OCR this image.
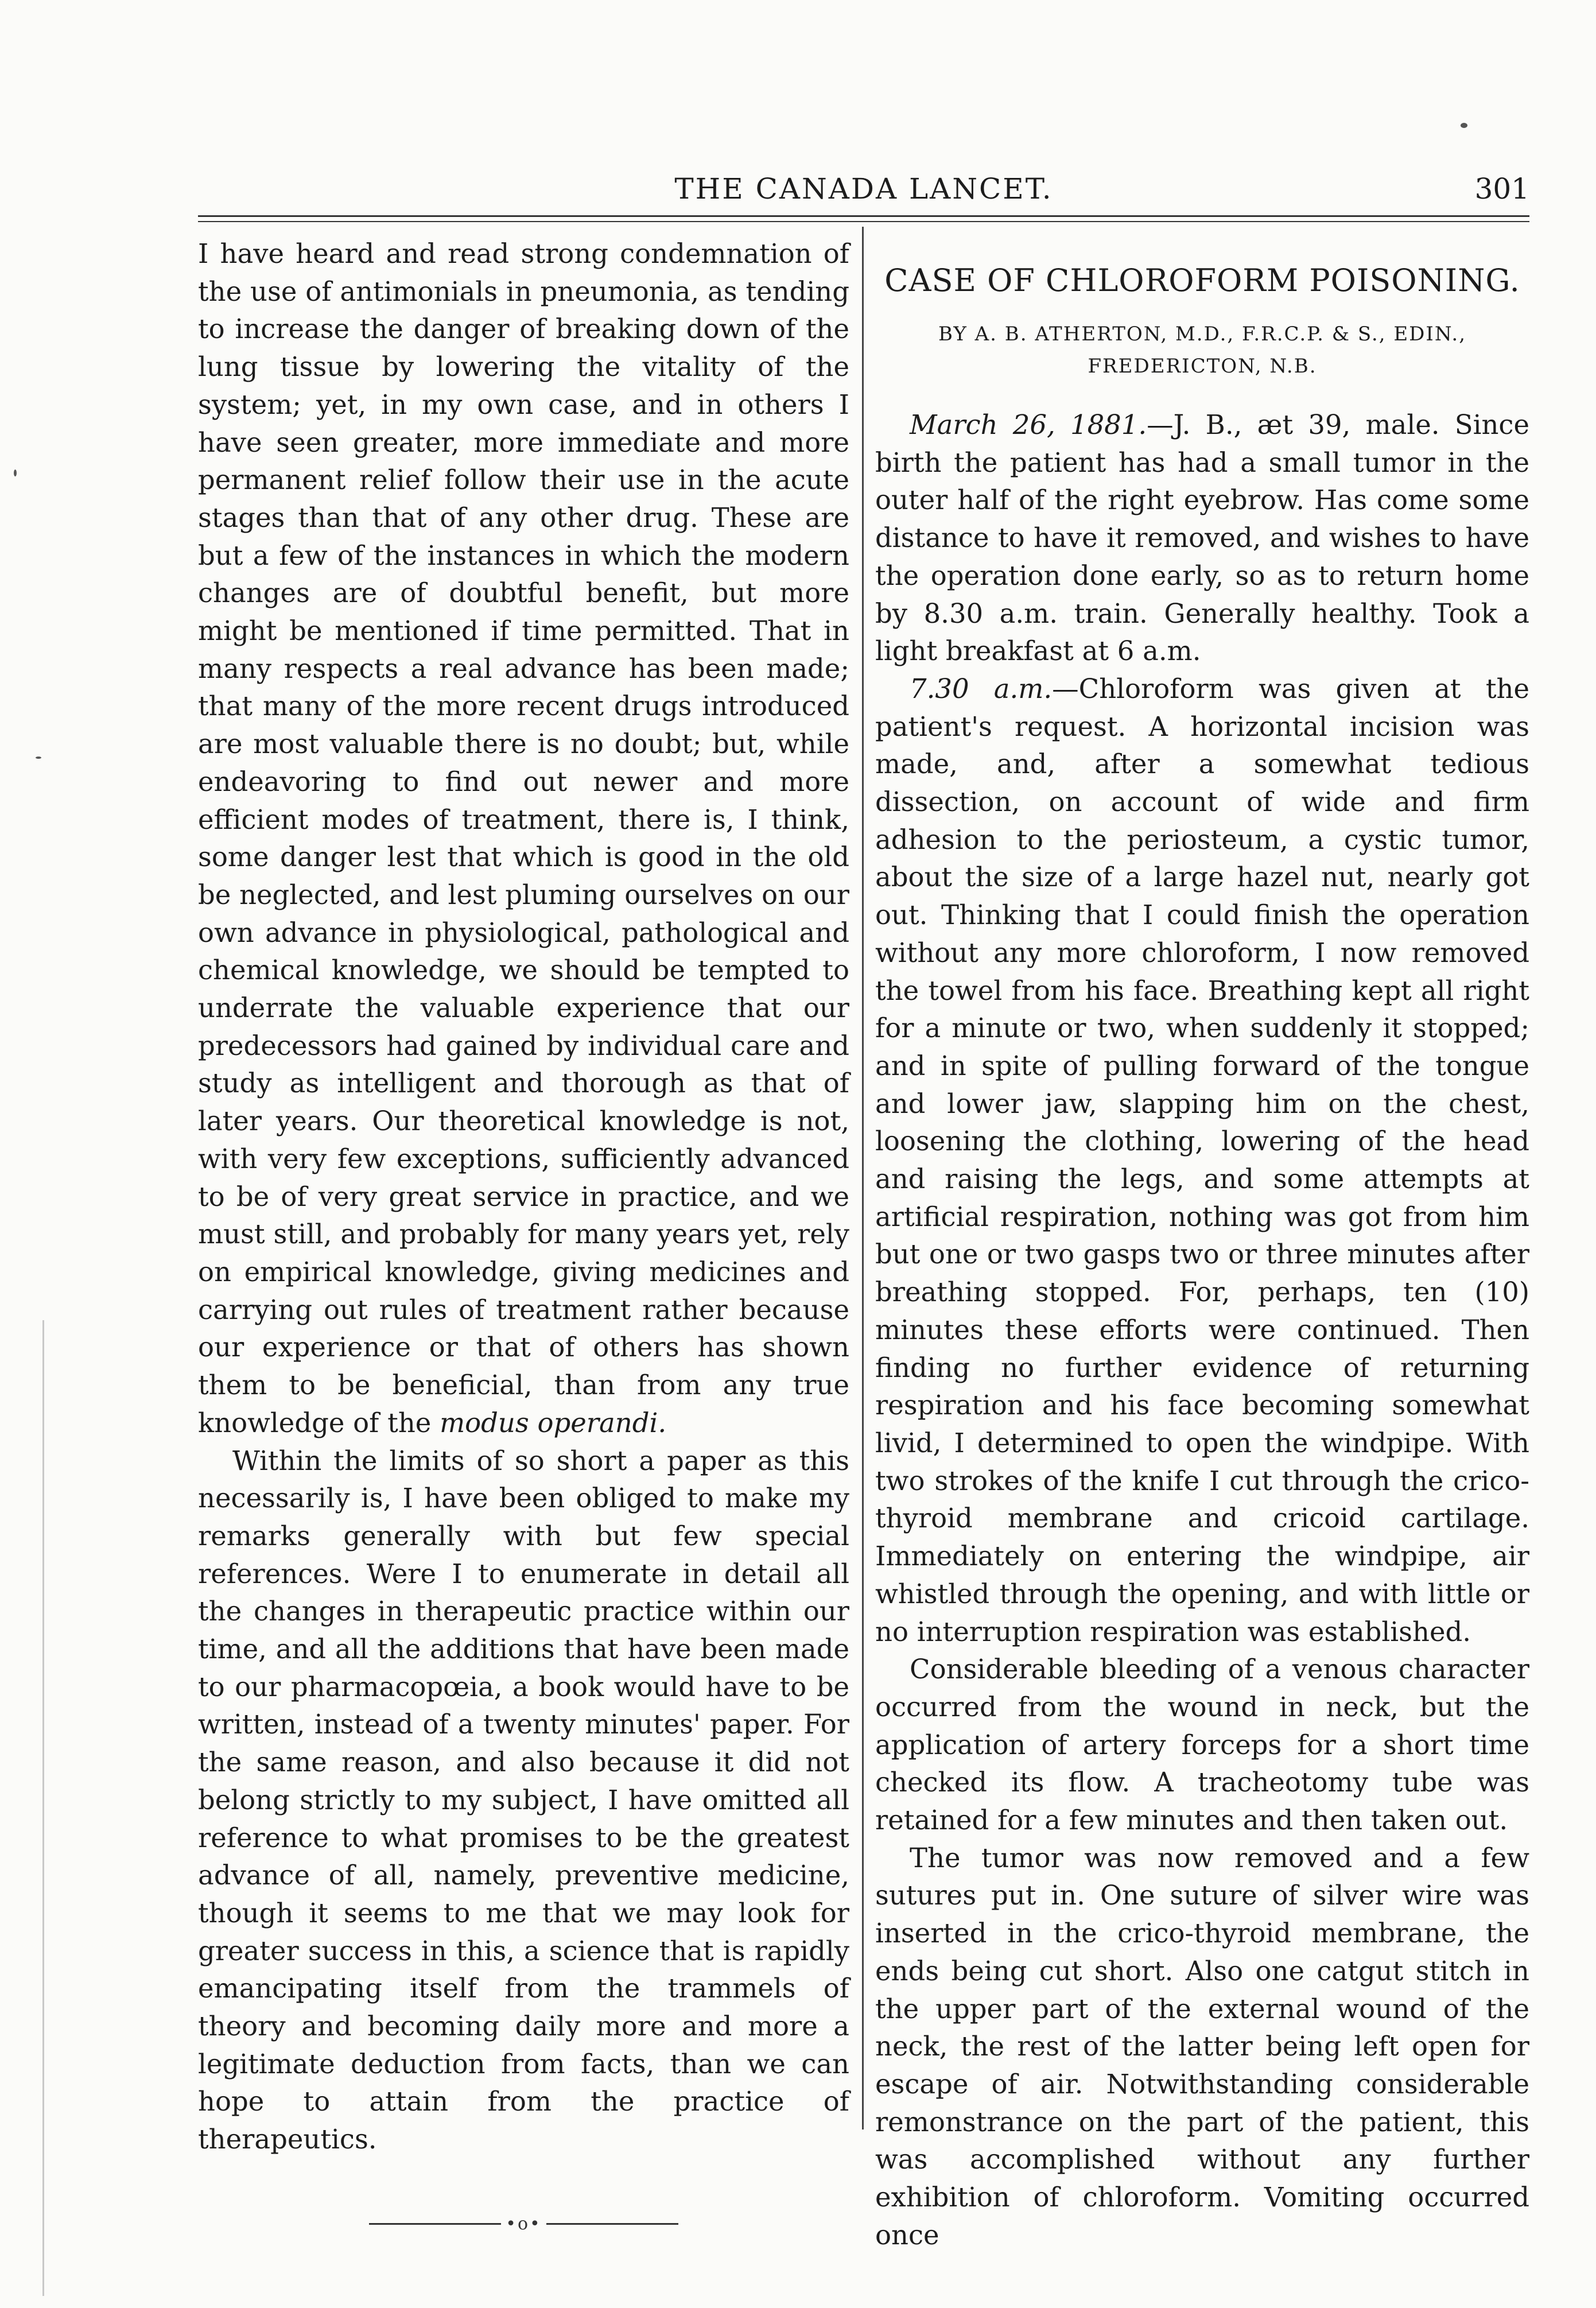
THE CANADA LANCET.	301

I have heard and read strong condemnation of the use of antimonials in pneumonia, as tending to increase the danger of breaking down of the lung tissue by lowering the vitality of the system; yet, in my own case, and in others I have seen greater, more immediate and more permanent relief follow their use in the acute stages than that of any other drug. These are but a few of the instances in which the modern changes are of doubtful benefit, but more might be mentioned if time permitted. That in many respects a real advance has been made; that many of the more recent drugs introduced are most valuable there is no doubt; but, while endeavoring to find out newer and more efficient modes of treatment, there is, I think, some danger lest that which is good in the old be neglected, and lest pluming ourselves on our own advance in physiological, pathological and chemical knowledge, we should be tempted to underrate the valuable experience that our predecessors had gained by individual care and study as intelligent and thorough as that of later years. Our theoretical knowledge is not, with very few exceptions, sufficiently advanced to be of very great service in practice, and we must still, and probably for many years yet, rely on empirical knowledge, giving medicines and carrying out rules of treatment rather because our experience or that of others has shown them to be beneficial, than from any true knowledge of the modus operandi.

Within the limits of so short a paper as this necessarily is, I have been obliged to make my remarks generally with but few special references. Were I to enumerate in detail all the changes in therapeutic practice within our time, and all the additions that have been made to our pharmacopœia, a book would have to be written, instead of a twenty minutes' paper. For the same reason, and also because it did not belong strictly to my subject, I have omitted all reference to what promises to be the greatest advance of all, namely, preventive medicine, though it seems to me that we may look for greater success in this, a science that is rapidly emancipating itself from the trammels of theory and becoming daily more and more a legitimate deduction from facts, than we can hope to attain from the practice of therapeutics.

•o•
CASE OF CHLOROFORM POISONING.
BY A. B. ATHERTON, M.D., F.R.C.P. & S., EDIN.,
FREDERICTON, N.B.

March 26, 1881.—J. B., æt 39, male. Since birth the patient has had a small tumor in the outer half of the right eyebrow. Has come some distance to have it removed, and wishes to have the operation done early, so as to return home by 8.30 a.m. train. Generally healthy. Took a light breakfast at 6 a.m.

7.30 a.m.—Chloroform was given at the patient's request. A horizontal incision was made, and, after a somewhat tedious dissection, on account of wide and firm adhesion to the periosteum, a cystic tumor, about the size of a large hazel nut, nearly got out. Thinking that I could finish the operation without any more chloroform, I now removed the towel from his face. Breathing kept all right for a minute or two, when suddenly it stopped; and in spite of pulling forward of the tongue and lower jaw, slapping him on the chest, loosening the clothing, lowering of the head and raising the legs, and some attempts at artificial respiration, nothing was got from him but one or two gasps two or three minutes after breathing stopped. For, perhaps, ten (10) minutes these efforts were continued. Then finding no further evidence of returning respiration and his face becoming somewhat livid, I determined to open the windpipe. With two strokes of the knife I cut through the crico-thyroid membrane and cricoid cartilage. Immediately on entering the windpipe, air whistled through the opening, and with little or no interruption respiration was established.

Considerable bleeding of a venous character occurred from the wound in neck, but the application of artery forceps for a short time checked its flow. A tracheotomy tube was retained for a few minutes and then taken out.

The tumor was now removed and a few sutures put in. One suture of silver wire was inserted in the crico-thyroid membrane, the ends being cut short. Also one catgut stitch in the upper part of the external wound of the neck, the rest of the latter being left open for escape of air. Notwithstanding considerable remonstrance on the part of the patient, this was accomplished without any further exhibition of chloroform. Vomiting occurred once
